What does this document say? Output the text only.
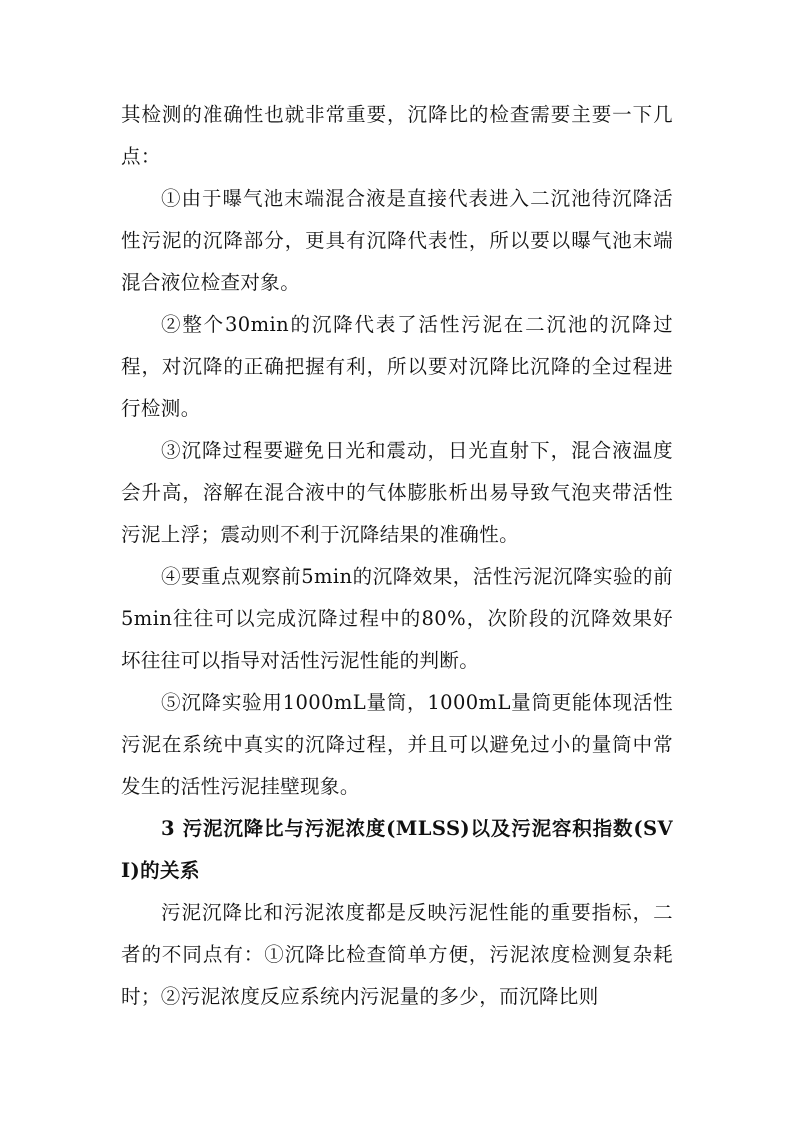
其检测的准确性也就非常重要，沉降比的检查需要主要一下几点：

①由于曝气池末端混合液是直接代表进入二沉池待沉降活性污泥的沉降部分，更具有沉降代表性，所以要以曝气池末端混合液位检查对象。

②整个30min的沉降代表了活性污泥在二沉池的沉降过程，对沉降的正确把握有利，所以要对沉降比沉降的全过程进行检测。

③沉降过程要避免日光和震动，日光直射下，混合液温度会升高，溶解在混合液中的气体膨胀析出易导致气泡夹带活性污泥上浮；震动则不利于沉降结果的准确性。

④要重点观察前5min的沉降效果，活性污泥沉降实验的前5min往往可以完成沉降过程中的80%，次阶段的沉降效果好坏往往可以指导对活性污泥性能的判断。

⑤沉降实验用1000mL量筒，1000mL量筒更能体现活性污泥在系统中真实的沉降过程，并且可以避免过小的量筒中常发生的活性污泥挂壁现象。

3 污泥沉降比与污泥浓度(MLSS)以及污泥容积指数(SVI)的关系

污泥沉降比和污泥浓度都是反映污泥性能的重要指标，二者的不同点有：①沉降比检查简单方便，污泥浓度检测复杂耗时；②污泥浓度反应系统内污泥量的多少，而沉降比则
